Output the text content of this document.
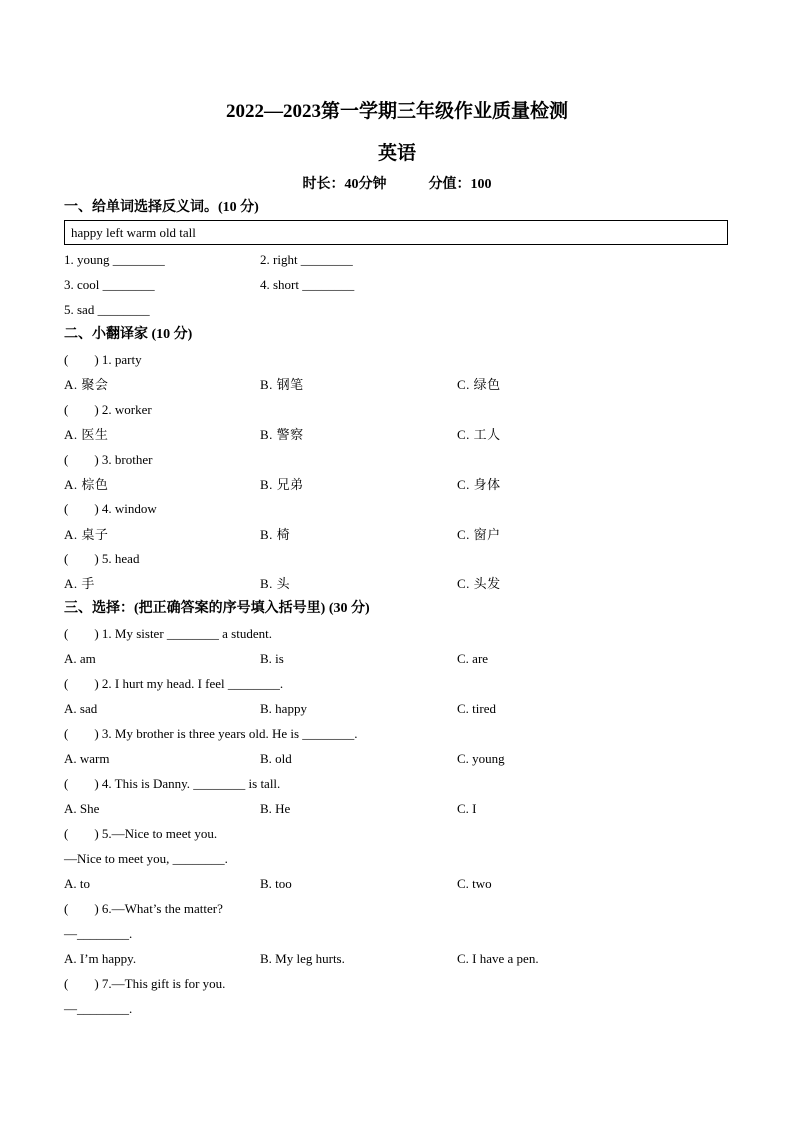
2022—2023第一学期三年级作业质量检测
英语
时长：40分钟	分值：100
一、给单词选择反义词。(10 分)
happy left warm old tall
1. young ________	2. right ________
3. cool ________	4. short ________
5. sad ________
二、小翻译家 (10 分)
(　　) 1. party
A. 聚会	B. 钢笔	C. 绿色
(　　) 2. worker
A. 医生	B. 警察	C. 工人
(　　) 3. brother
A. 棕色	B. 兄弟	C. 身体
(　　) 4. window
A. 桌子	B. 椅	C. 窗户
(　　) 5. head
A. 手	B. 头	C. 头发
三、选择：(把正确答案的序号填入括号里) (30 分)
(　　) 1. My sister ________ a student.
A. am	B. is	C. are
(　　) 2. I hurt my head. I feel ________.
A. sad	B. happy	C. tired
(　　) 3. My brother is three years old. He is ________.
A. warm	B. old	C. young
(　　) 4. This is Danny. ________ is tall.
A. She	B. He	C. I
(　　) 5.—Nice to meet you.
—Nice to meet you, ________.
A. to	B. too	C. two
(　　) 6.—What’s the matter?
—________.
A. I’m happy.	B. My leg hurts.	C. I have a pen.
(　　) 7.—This gift is for you.
—________.
